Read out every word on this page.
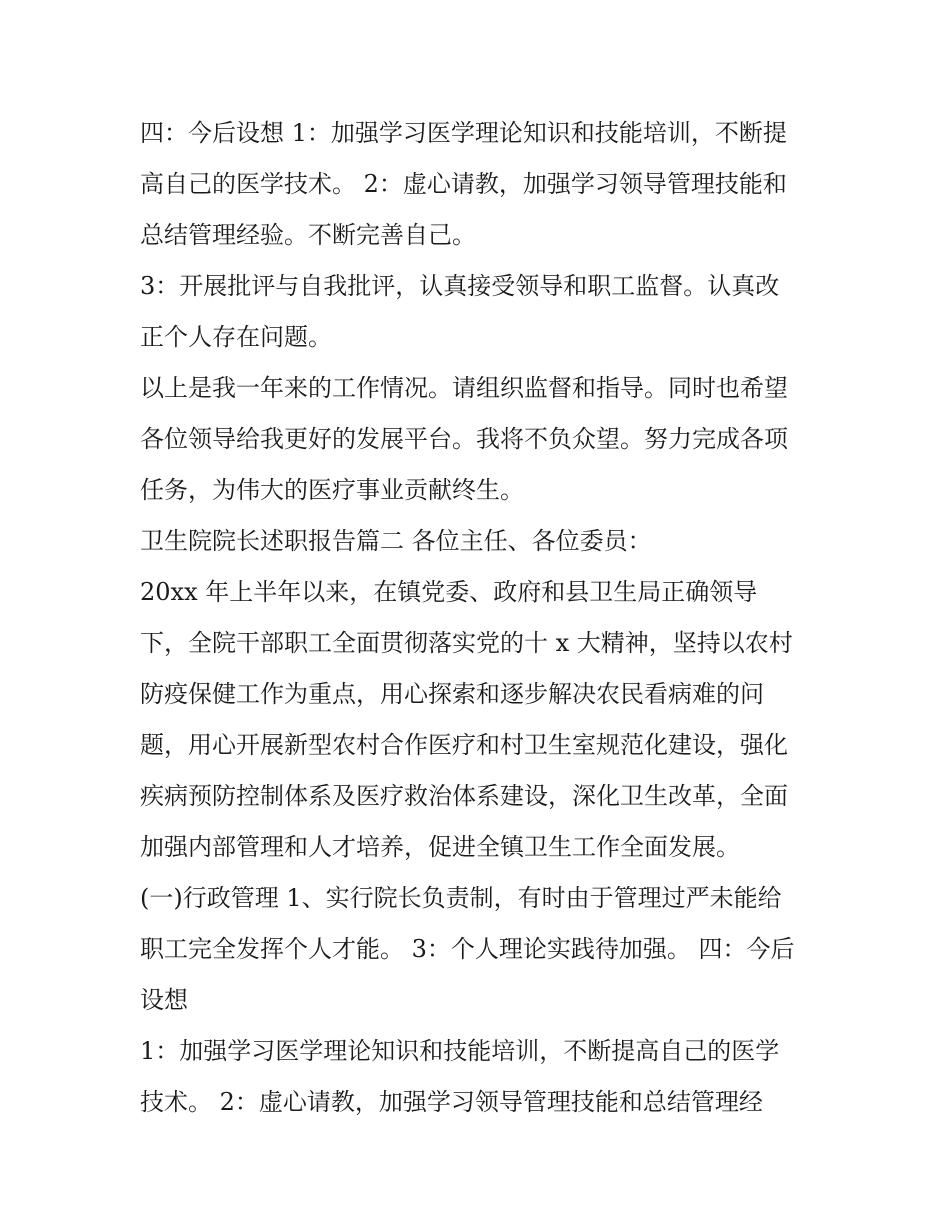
四：今后设想 1：加强学习医学理论知识和技能培训，不断提
高自己的医学技术。 2：虚心请教，加强学习领导管理技能和
总结管理经验。不断完善自己。
3：开展批评与自我批评，认真接受领导和职工监督。认真改
正个人存在问题。
以上是我一年来的工作情况。请组织监督和指导。同时也希望
各位领导给我更好的发展平台。我将不负众望。努力完成各项
任务，为伟大的医疗事业贡献终生。
卫生院院长述职报告篇二 各位主任、各位委员：
20xx 年上半年以来，在镇党委、政府和县卫生局正确领导
下，全院干部职工全面贯彻落实党的十 x 大精神，坚持以农村
防疫保健工作为重点，用心探索和逐步解决农民看病难的问
题，用心开展新型农村合作医疗和村卫生室规范化建设，强化
疾病预防控制体系及医疗救治体系建设，深化卫生改革，全面
加强内部管理和人才培养，促进全镇卫生工作全面发展。
(一)行政管理 1、实行院长负责制，有时由于管理过严未能给
职工完全发挥个人才能。 3：个人理论实践待加强。 四：今后
设想
1：加强学习医学理论知识和技能培训，不断提高自己的医学
技术。 2：虚心请教，加强学习领导管理技能和总结管理经
